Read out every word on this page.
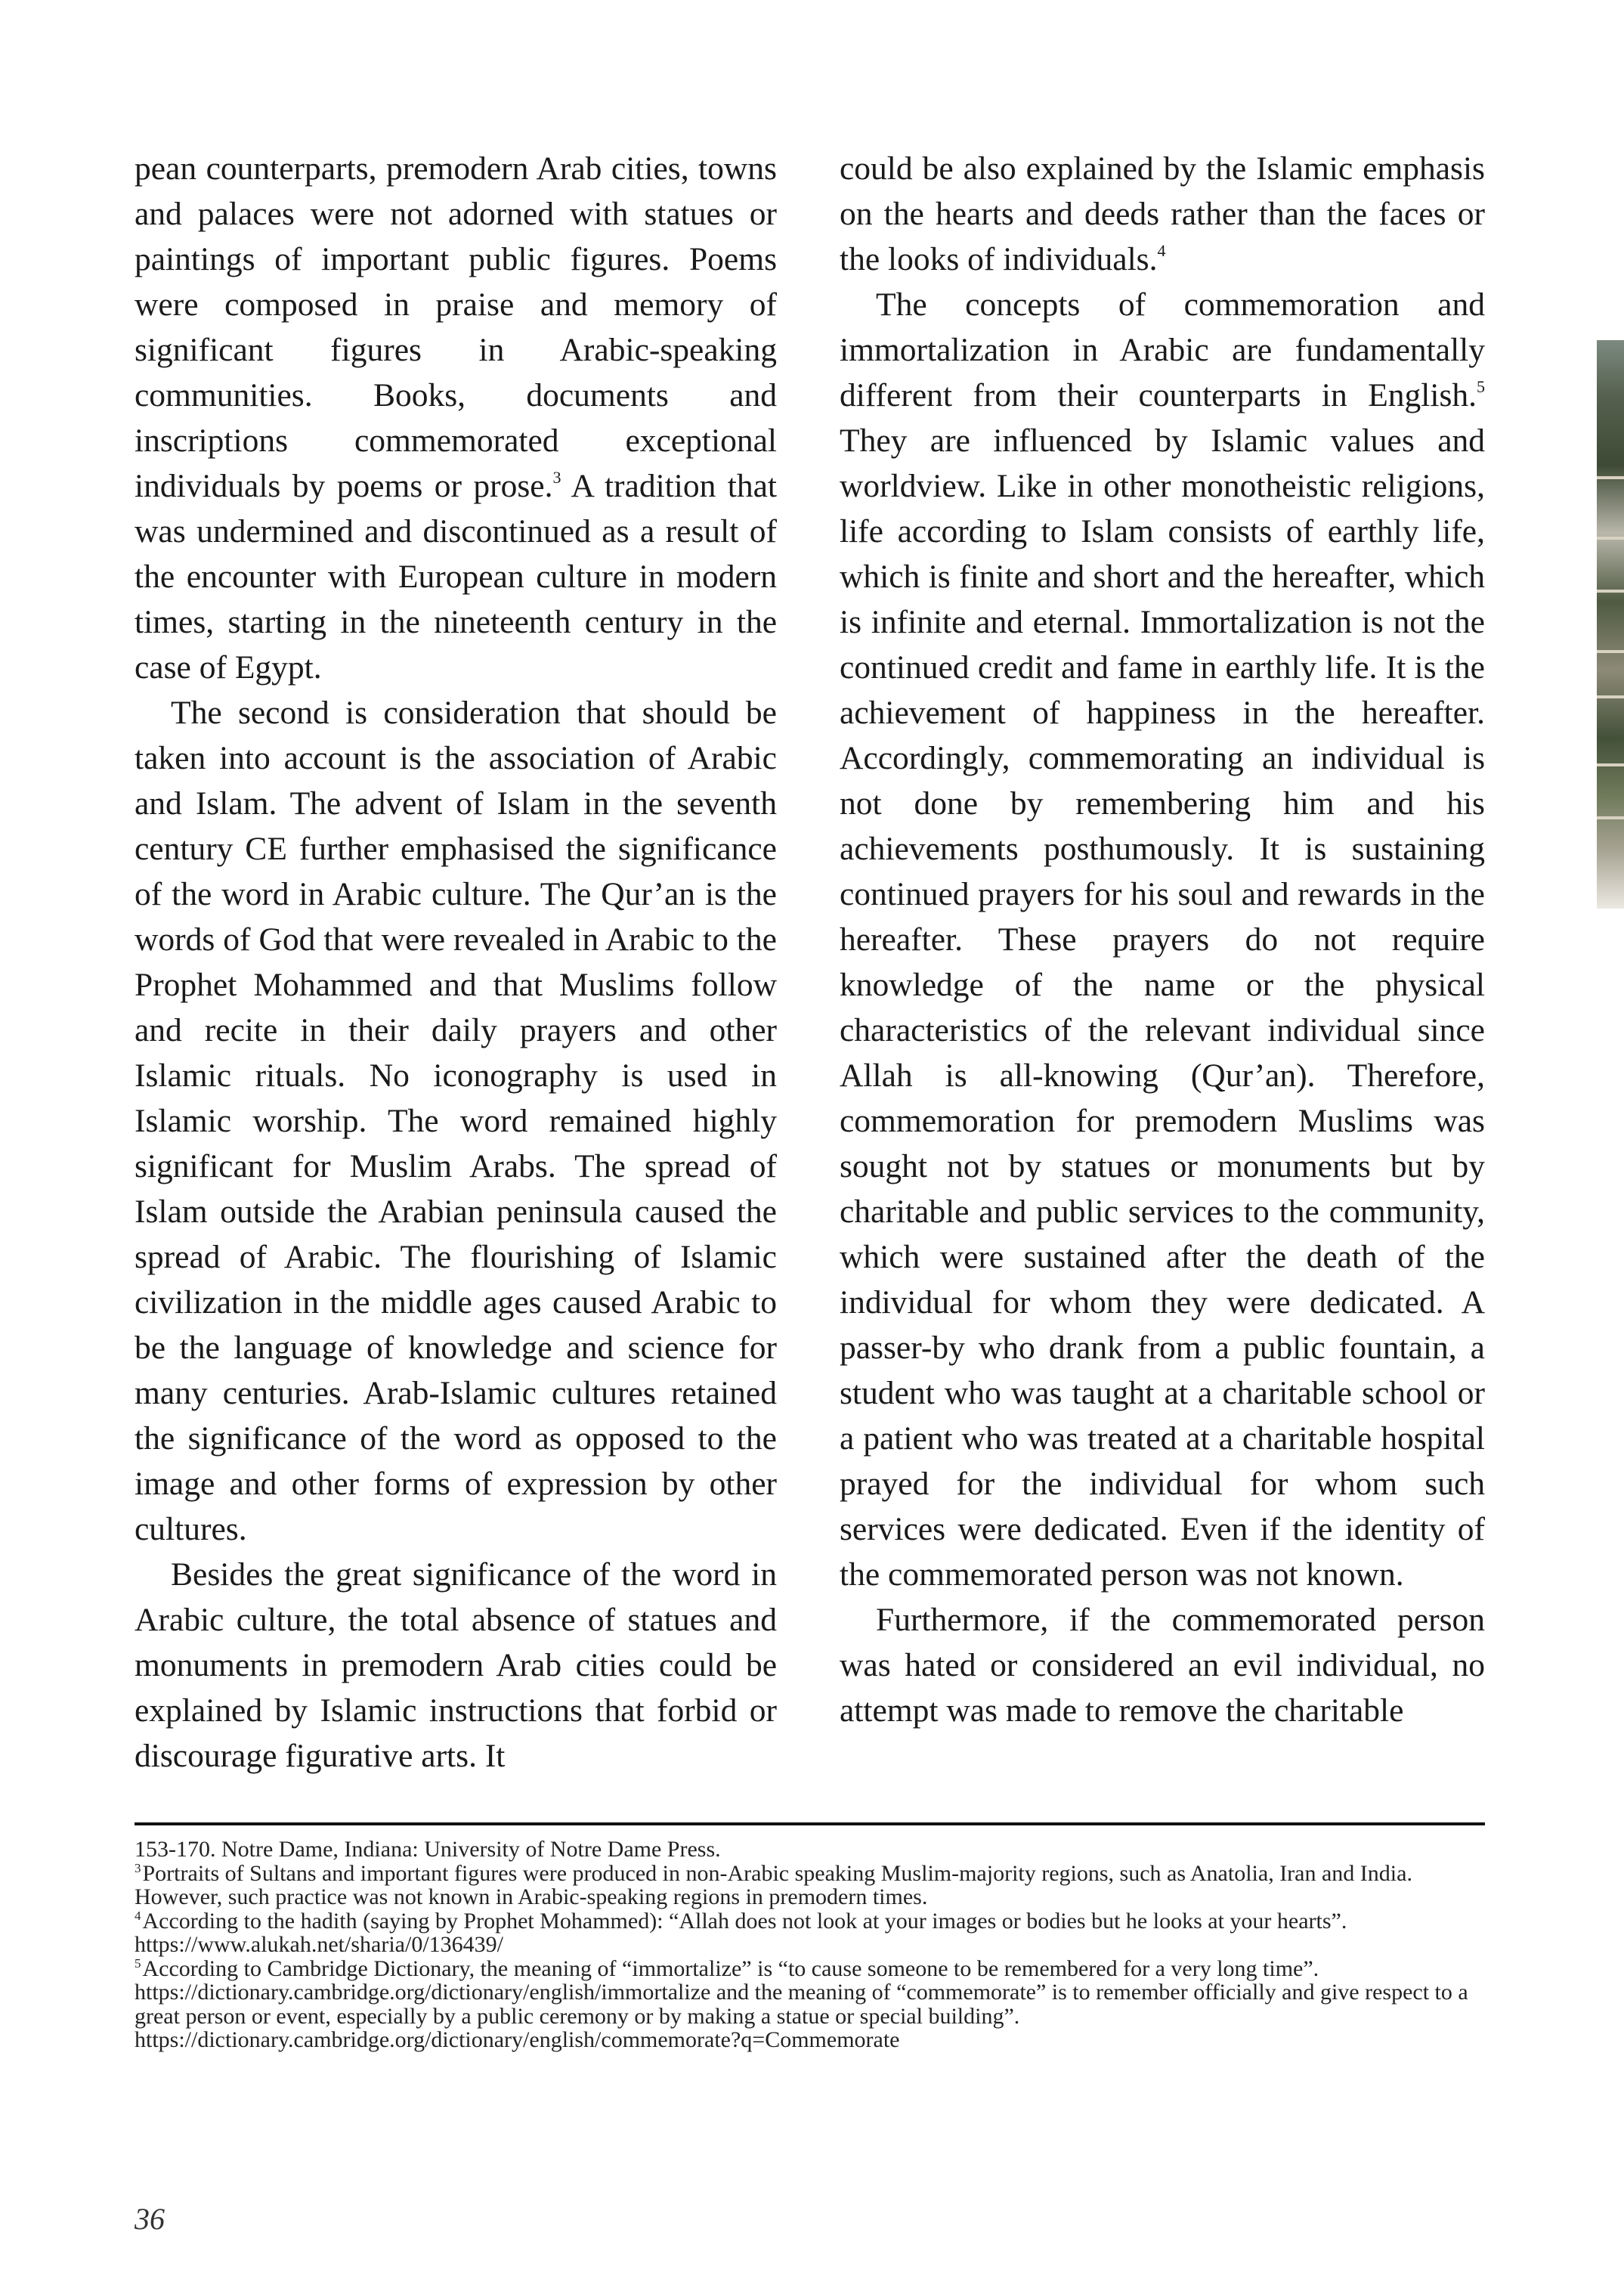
pean counterparts, premodern Arab cities, towns and palaces were not adorned with statues or paintings of important public figures. Poems were composed in praise and memory of significant figures in Arabic-speaking communities. Books, documents and inscriptions commemorated exceptional individuals by poems or prose.$^3$ A tradition that was undermined and discontinued as a result of the encounter with European culture in modern times, starting in the nineteenth century in the case of Egypt.

The second is consideration that should be taken into account is the association of Arabic and Islam. The advent of Islam in the seventh century CE further emphasised the significance of the word in Arabic culture. The Qur’an is the words of God that were revealed in Arabic to the Prophet Mohammed and that Muslims follow and recite in their daily prayers and other Islamic rituals. No iconography is used in Islamic worship. The word remained highly significant for Muslim Arabs. The spread of Islam outside the Arabian peninsula caused the spread of Arabic. The flourishing of Islamic civilization in the middle ages caused Arabic to be the language of knowledge and science for many centuries. Arab-Islamic cultures retained the significance of the word as opposed to the image and other forms of expression by other cultures.

Besides the great significance of the word in Arabic culture, the total absence of statues and monuments in premodern Arab cities could be explained by Islamic instructions that forbid or discourage figurative arts. It

could be also explained by the Islamic emphasis on the hearts and deeds rather than the faces or the looks of individuals.$^4$

The concepts of commemoration and immortalization in Arabic are fundamentally different from their counterparts in English.$^5$ They are influenced by Islamic values and worldview. Like in other monotheistic religions, life according to Islam consists of earthly life, which is finite and short and the hereafter, which is infinite and eternal. Immortalization is not the continued credit and fame in earthly life. It is the achievement of happiness in the hereafter. Accordingly, commemorating an individual is not done by remembering him and his achievements posthumously. It is sustaining continued prayers for his soul and rewards in the hereafter. These prayers do not require knowledge of the name or the physical characteristics of the relevant individual since Allah is all-knowing (Qur’an). Therefore, commemoration for premodern Muslims was sought not by statues or monuments but by charitable and public services to the community, which were sustained after the death of the individual for whom they were dedicated. A passer-by who drank from a public fountain, a student who was taught at a charitable school or a patient who was treated at a charitable hospital prayed for the individual for whom such services were dedicated. Even if the identity of the commemorated person was not known.

Furthermore, if the commemorated person was hated or considered an evil individual, no attempt was made to remove the charitable

153-170. Notre Dame, Indiana: University of Notre Dame Press.

$^3$Portraits of Sultans and important figures were produced in non-Arabic speaking Muslim-majority regions, such as Anatolia, Iran and India. However, such practice was not known in Arabic-speaking regions in premodern times.

$^4$According to the hadith (saying by Prophet Mohammed): “Allah does not look at your images or bodies but he looks at your hearts”. https://www.alukah.net/sharia/0/136439/

$^5$According to Cambridge Dictionary, the meaning of “immortalize” is “to cause someone to be remembered for a very long time”. https://dictionary.cambridge.org/dictionary/english/immortalize and the meaning of “commemorate” is to remember officially and give respect to a great person or event, especially by a public ceremony or by making a statue or special building”.

https://dictionary.cambridge.org/dictionary/english/commemorate?q=Commemorate

36
